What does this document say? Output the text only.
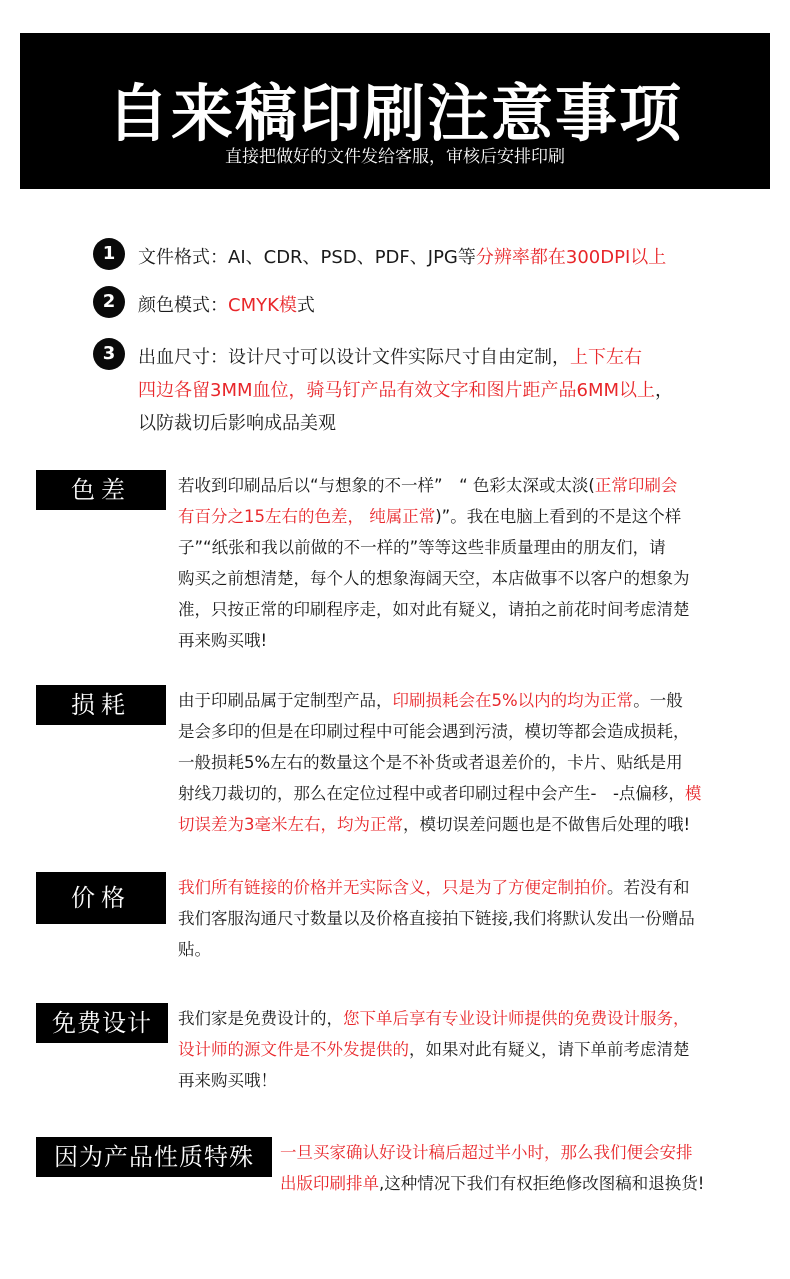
自来稿印刷注意事项
直接把做好的文件发给客服，审核后安排印刷
1	文件格式：AI、CDR、PSD、PDF、JPG等分辨率都在300DPI以上
2	颜色模式：CMYK模式
3	出血尺寸：设计尺寸可以设计文件实际尺寸自由定制，上下左右
四边各留3MM血位，骑马钉产品有效文字和图片距产品6MM以上，
以防裁切后影响成品美观
色差	若收到印刷品后以“与想象的不一样”　“ 色彩太深或太淡(正常印刷会
有百分之15左右的色差， 纯属正常)”。我在电脑上看到的不是这个样
子”“纸张和我以前做的不一样的”等等这些非质量理由的朋友们，请
购买之前想清楚，每个人的想象海阔天空，本店做事不以客户的想象为
准，只按正常的印刷程序走，如对此有疑义，请拍之前花时间考虑清楚
再来购买哦!
损耗	由于印刷品属于定制型产品，印刷损耗会在5%以内的均为正常。一般
是会多印的但是在印刷过程中可能会遇到污渍，模切等都会造成损耗，
一般损耗5%左右的数量这个是不补货或者退差价的，卡片、贴纸是用
射线刀裁切的，那么在定位过程中或者印刷过程中会产生-　-点偏移，模
切误差为3毫米左右，均为正常，模切误差问题也是不做售后处理的哦!
价格	我们所有链接的价格并无实际含义，只是为了方便定制拍价。若没有和
我们客服沟通尺寸数量以及价格直接拍下链接,我们将默认发出一份赠品
贴。
免费设计	我们家是免费设计的，您下单后享有专业设计师提供的免费设计服务，
设计师的源文件是不外发提供的，如果对此有疑义，请下单前考虑清楚
再来购买哦！
因为产品性质特殊	一旦买家确认好设计稿后超过半小时，那么我们便会安排
出版印刷排单,这种情况下我们有权拒绝修改图稿和退换货!
